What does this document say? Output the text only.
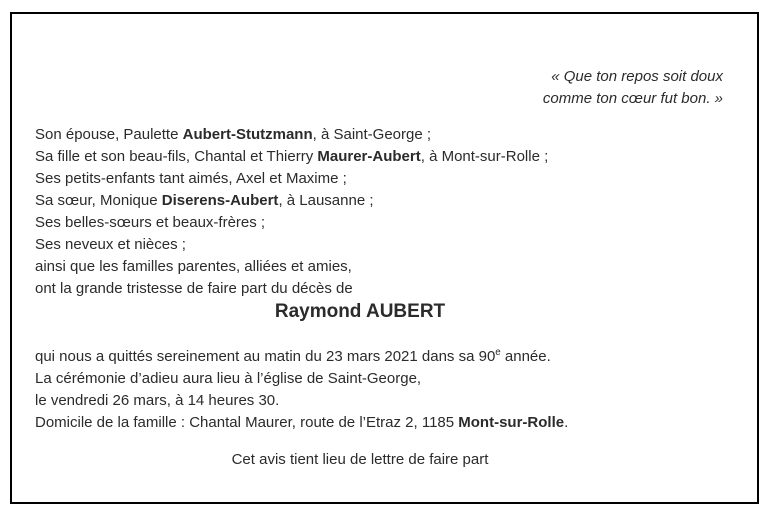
« Que ton repos soit doux
comme ton cœur fut bon. »
Son épouse, Paulette Aubert-Stutzmann, à Saint-George ;
Sa fille et son beau-fils, Chantal et Thierry Maurer-Aubert, à Mont-sur-Rolle ;
Ses petits-enfants tant aimés, Axel et Maxime ;
Sa sœur, Monique Diserens-Aubert, à Lausanne ;
Ses belles-sœurs et beaux-frères ;
Ses neveux et nièces ;
ainsi que les familles parentes, alliées et amies,
ont la grande tristesse de faire part du décès de
Raymond AUBERT
qui nous a quittés sereinement au matin du 23 mars 2021 dans sa 90e année.
La cérémonie d’adieu aura lieu à l’église de Saint-George,
le vendredi 26 mars, à 14 heures 30.
Domicile de la famille : Chantal Maurer, route de l’Etraz 2, 1185 Mont-sur-Rolle.
Cet avis tient lieu de lettre de faire part
